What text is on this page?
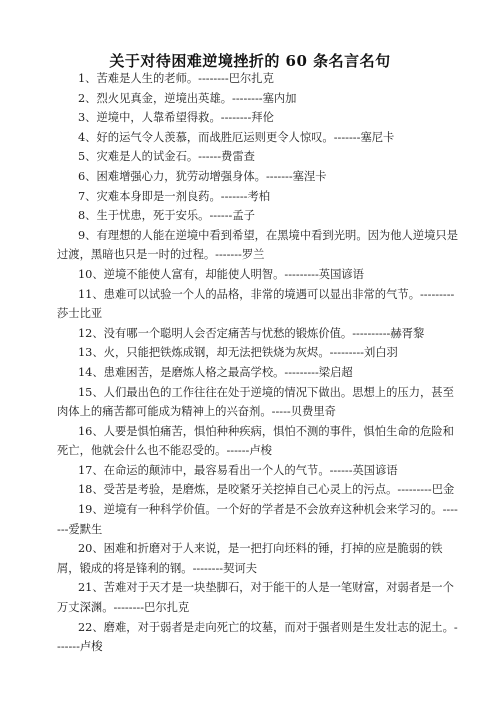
关于对待困难逆境挫折的 60 条名言名句

1、苦难是人生的老师。--------巴尔扎克

2、烈火见真金，逆境出英雄。--------塞内加

3、逆境中，人靠希望得救。--------拜伦

4、好的运气令人羡慕，而战胜厄运则更令人惊叹。-------塞尼卡

5、灾难是人的试金石。------费雷查

6、困难增强心力，犹劳动增强身体。-------塞涅卡

7、灾难本身即是一剂良药。-------考柏

8、生于忧患，死于安乐。------孟子

9、有理想的人能在逆境中看到希望，在黑境中看到光明。因为他人逆境只是过渡，黑暗也只是一时的过程。-------罗兰

10、逆境不能使人富有，却能使人明智。---------英国谚语

11、患难可以试验一个人的品格，非常的境遇可以显出非常的气节。---------莎士比亚

12、没有哪一个聪明人会否定痛苦与忧愁的锻炼价值。----------赫胥黎

13、火，只能把铁炼成钢，却无法把铁烧为灰烬。---------刘白羽

14、患难困苦，是磨炼人格之最高学校。---------梁启超

15、人们最出色的工作往往在处于逆境的情况下做出。思想上的压力，甚至肉体上的痛苦都可能成为精神上的兴奋剂。-----贝费里奇

16、人要是惧怕痛苦，惧怕种种疾病，惧怕不测的事件，惧怕生命的危险和死亡，他就会什么也不能忍受的。------卢梭

17、在命运的颠沛中，最容易看出一个人的气节。------英国谚语

18、受苦是考验，是磨炼，是咬紧牙关挖掉自己心灵上的污点。---------巴金

19、逆境有一种科学价值。一个好的学者是不会放弃这种机会来学习的。-------爱默生

20、困难和折磨对于人来说，是一把打向坯料的锤，打掉的应是脆弱的铁屑，锻成的将是锋利的钢。--------契诃夫

21、苦难对于天才是一块垫脚石，对于能干的人是一笔财富，对弱者是一个万丈深渊。--------巴尔扎克

22、磨难，对于弱者是走向死亡的坟墓，而对于强者则是生发壮志的泥土。-------卢梭
